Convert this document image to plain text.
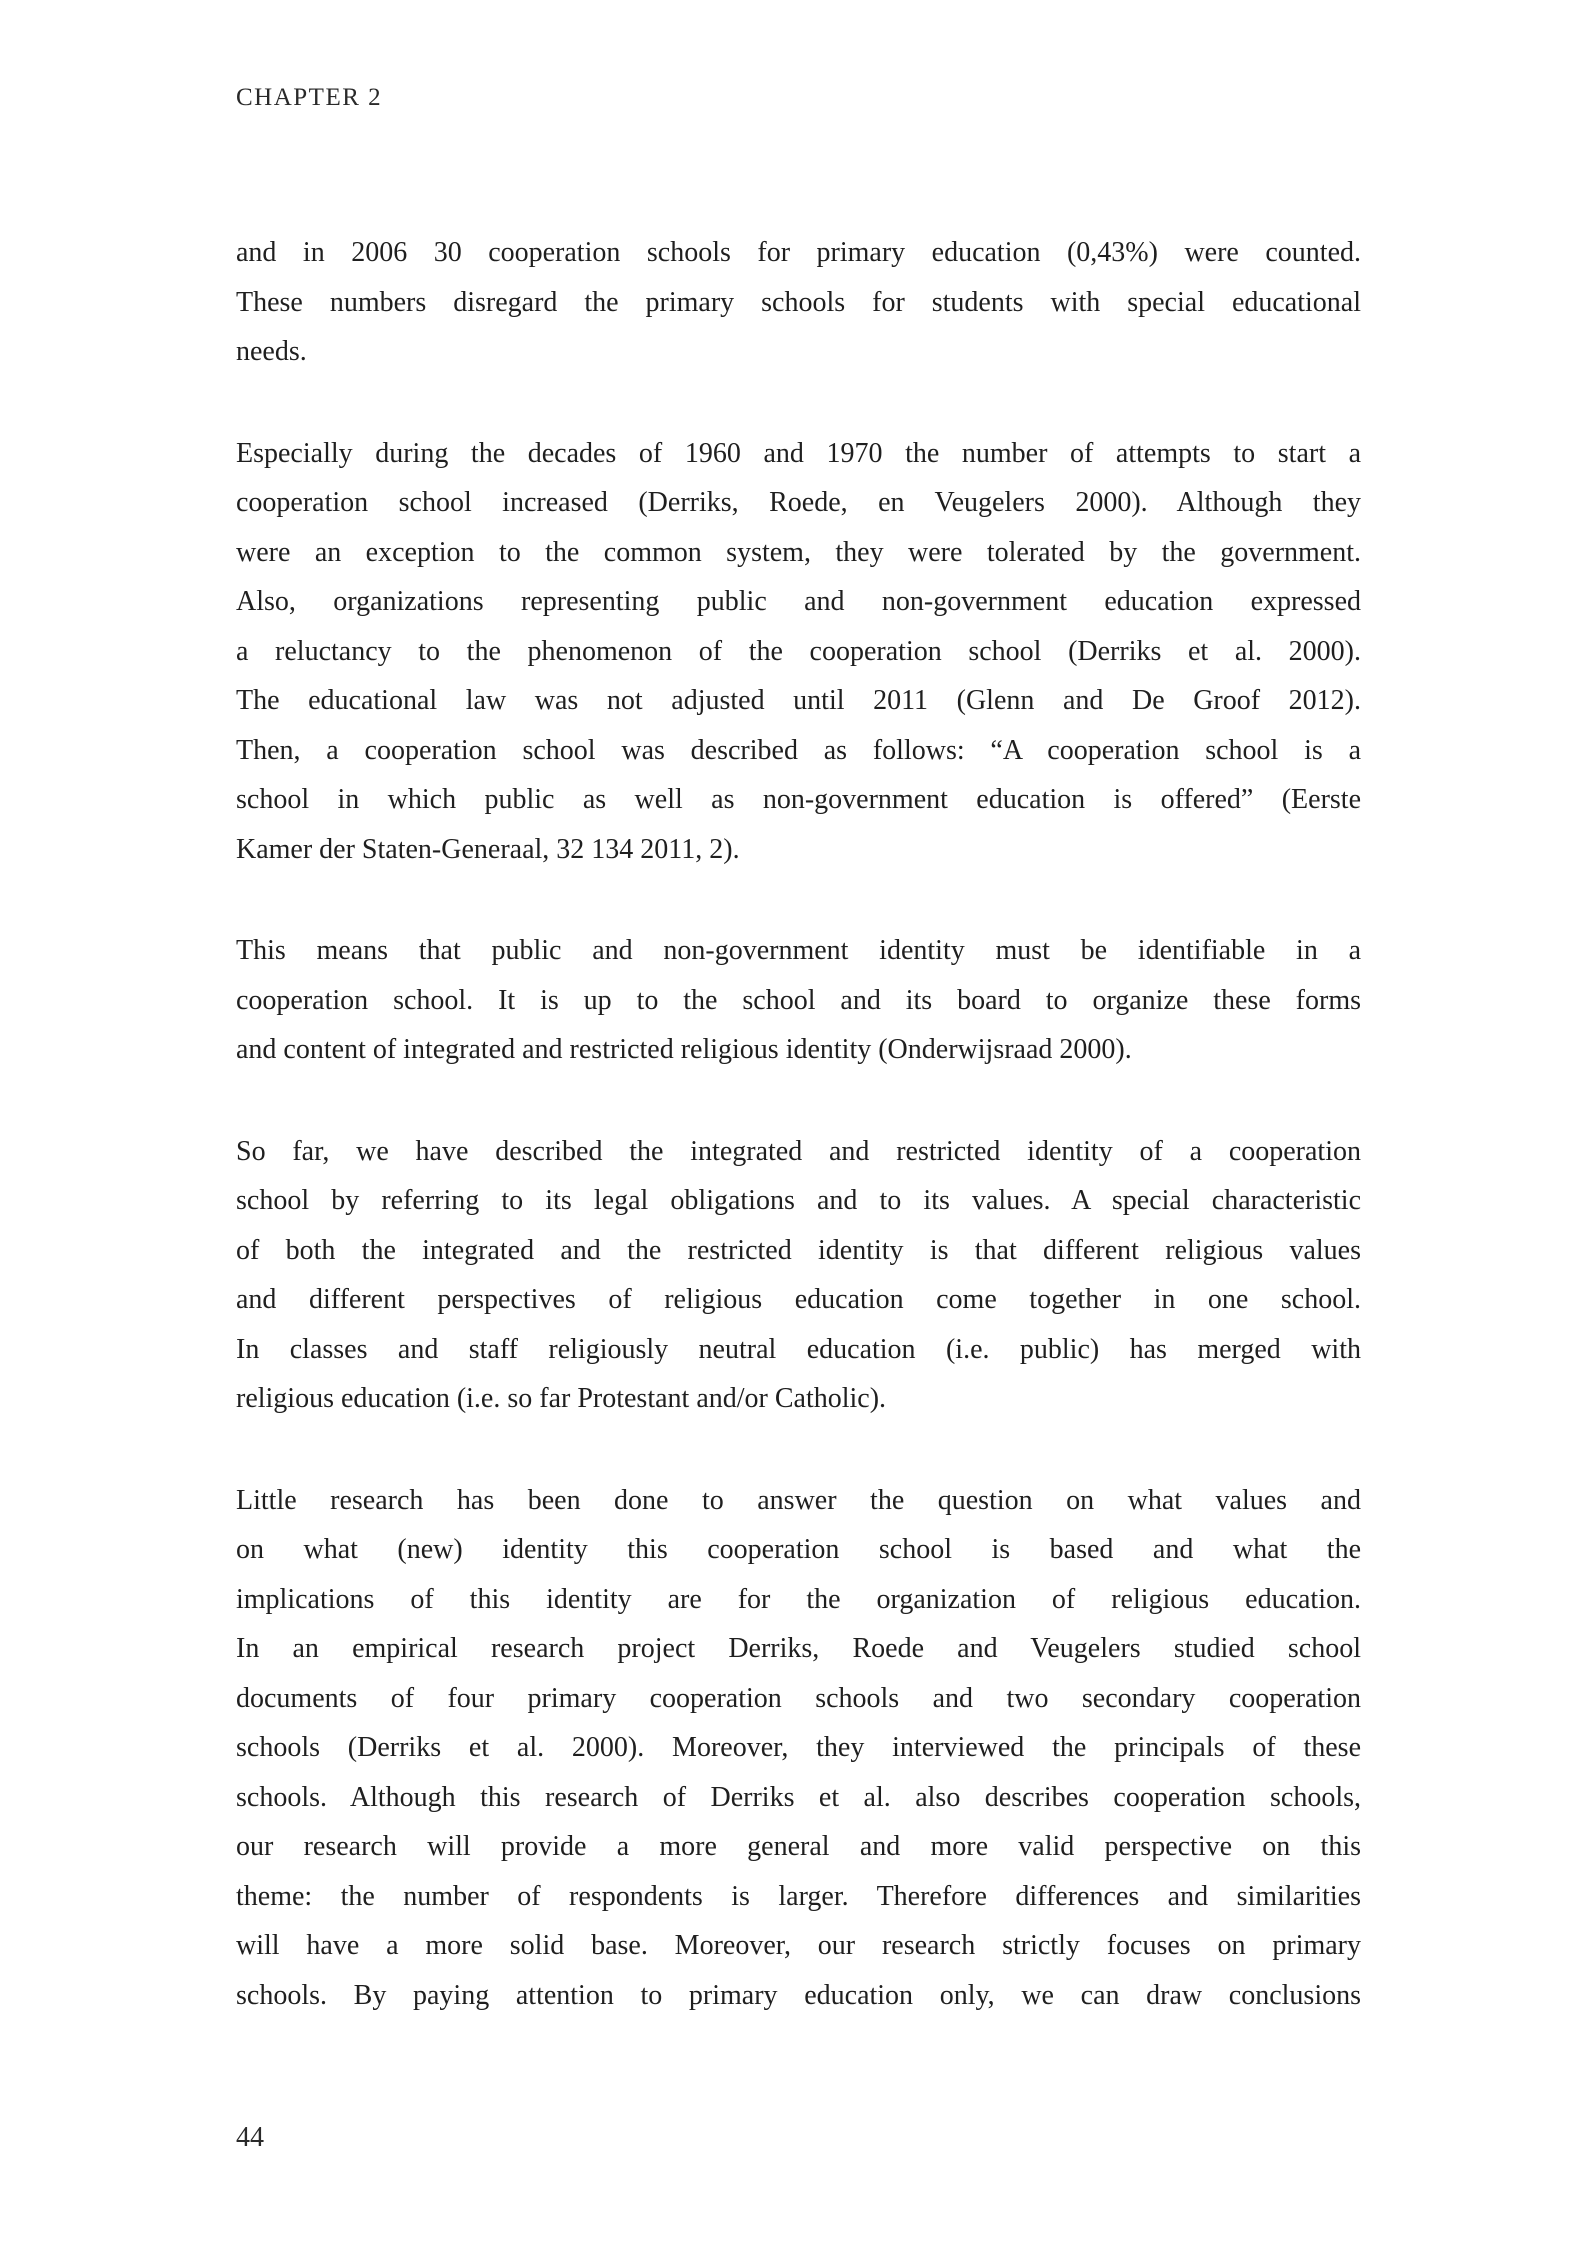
CHAPTER 2
and in 2006 30 cooperation schools for primary education (0,43%) were counted.
These numbers disregard the primary schools for students with special educational
needs.
Especially during the decades of 1960 and 1970 the number of attempts to start a
cooperation school increased (Derriks, Roede, en Veugelers 2000). Although they
were an exception to the common system, they were tolerated by the government.
Also, organizations representing public and non-government education expressed
a reluctancy to the phenomenon of the cooperation school (Derriks et al. 2000).
The educational law was not adjusted until 2011 (Glenn and De Groof 2012).
Then, a cooperation school was described as follows: “A cooperation school is a
school in which public as well as non-government education is offered” (Eerste
Kamer der Staten-Generaal, 32 134 2011, 2).
This means that public and non-government identity must be identifiable in a
cooperation school. It is up to the school and its board to organize these forms
and content of integrated and restricted religious identity (Onderwijsraad 2000).
So far, we have described the integrated and restricted identity of a cooperation
school by referring to its legal obligations and to its values. A special characteristic
of both the integrated and the restricted identity is that different religious values
and different perspectives of religious education come together in one school.
In classes and staff religiously neutral education (i.e. public) has merged with
religious education (i.e. so far Protestant and/or Catholic).
Little research has been done to answer the question on what values and
on what (new) identity this cooperation school is based and what the
implications of this identity are for the organization of religious education.
In an empirical research project Derriks, Roede and Veugelers studied school
documents of four primary cooperation schools and two secondary cooperation
schools (Derriks et al. 2000). Moreover, they interviewed the principals of these
schools. Although this research of Derriks et al. also describes cooperation schools,
our research will provide a more general and more valid perspective on this
theme: the number of respondents is larger. Therefore differences and similarities
will have a more solid base. Moreover, our research strictly focuses on primary
schools. By paying attention to primary education only, we can draw conclusions
44
